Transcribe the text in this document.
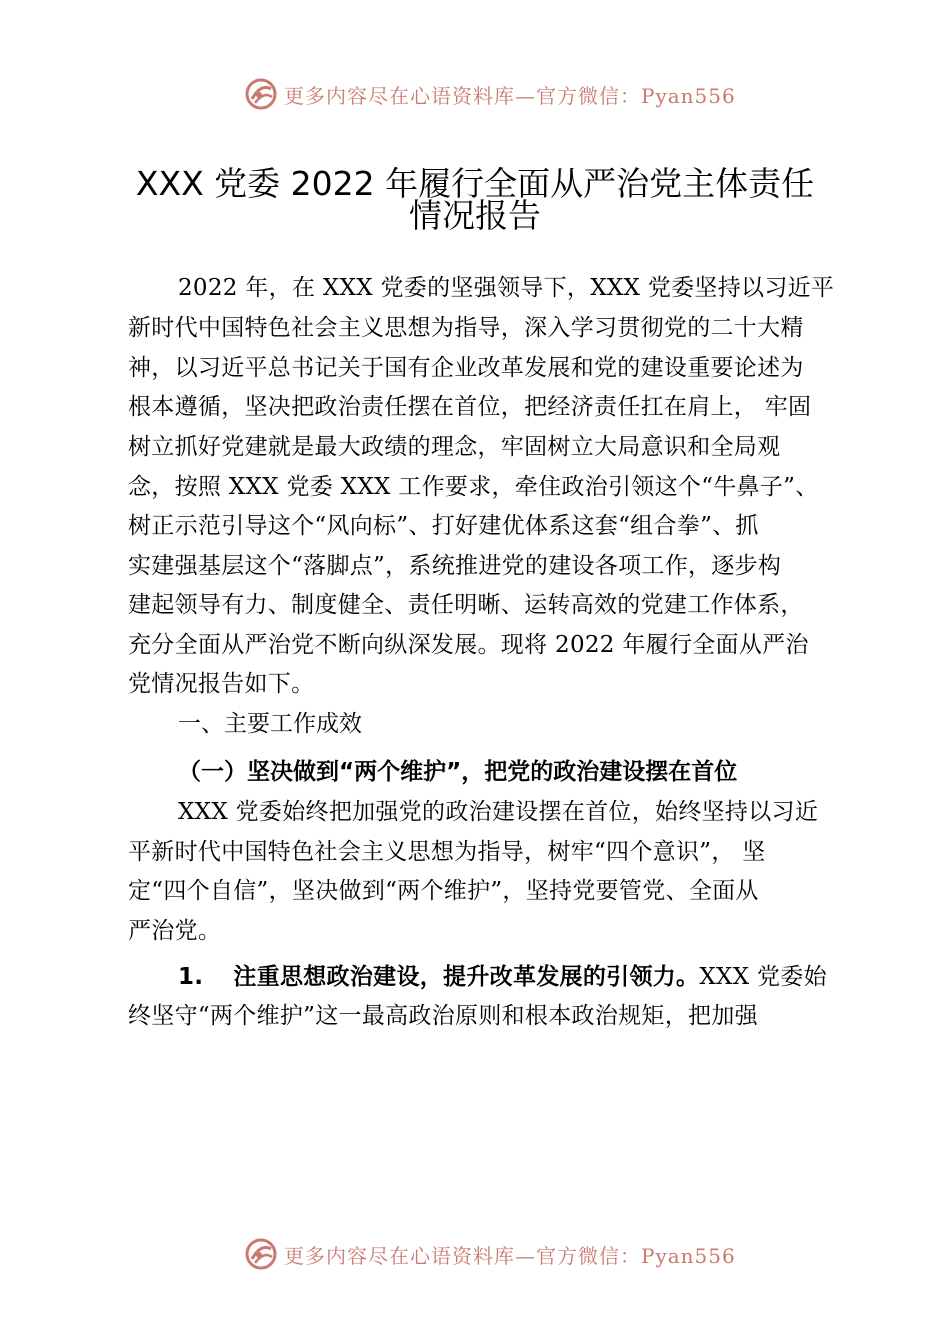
更多内容尽在心语资料库—官方微信：Pyan556
XXX 党委 2022 年履行全面从严治党主体责任
情况报告
2022 年，在 XXX 党委的坚强领导下，XXX 党委坚持以习近平
新时代中国特色社会主义思想为指导，深入学习贯彻党的二十大精
神，以习近平总书记关于国有企业改革发展和党的建设重要论述为
根本遵循，坚决把政治责任摆在首位，把经济责任扛在肩上， 牢固
树立抓好党建就是最大政绩的理念，牢固树立大局意识和全局观
念，按照 XXX 党委 XXX 工作要求，牵住政治引领这个“牛鼻子”、
树正示范引导这个“风向标”、打好建优体系这套“组合拳”、抓
实建强基层这个“落脚点”，系统推进党的建设各项工作，逐步构
建起领导有力、制度健全、责任明晰、运转高效的党建工作体系，
充分全面从严治党不断向纵深发展。现将 2022 年履行全面从严治
党情况报告如下。
一、主要工作成效
（一）坚决做到“两个维护”，把党的政治建设摆在首位
XXX 党委始终把加强党的政治建设摆在首位，始终坚持以习近
平新时代中国特色社会主义思想为指导，树牢“四个意识”， 坚
定“四个自信”，坚决做到“两个维护”，坚持党要管党、全面从
严治党。
1. 注重思想政治建设，提升改革发展的引领力。XXX 党委始
终坚守“两个维护”这一最高政治原则和根本政治规矩，把加强
更多内容尽在心语资料库—官方微信：Pyan556
